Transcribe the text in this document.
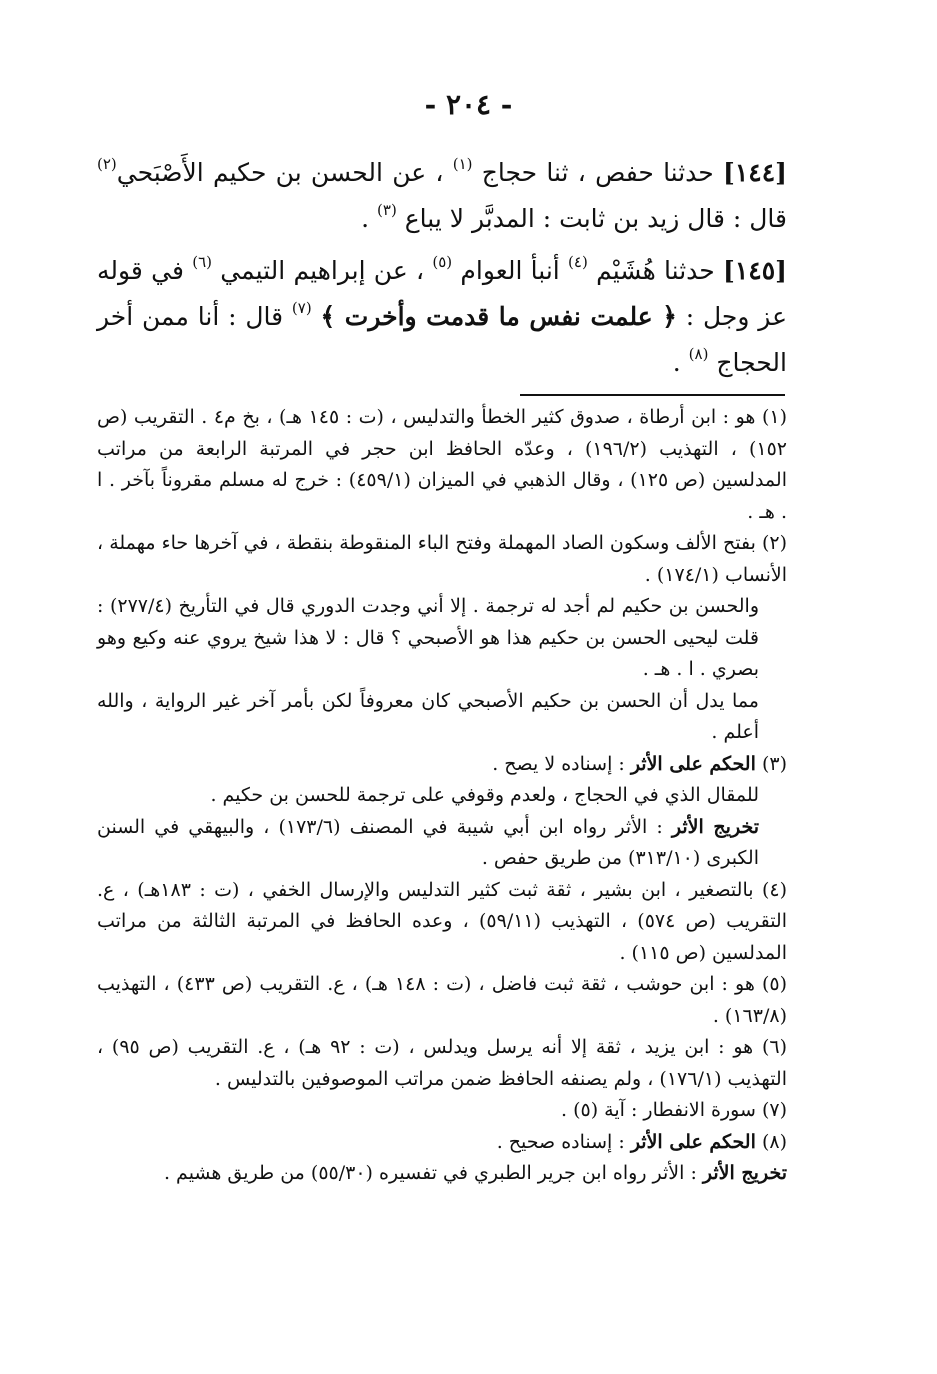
- ٢٠٤ -

[١٤٤] حدثنا حفص ، ثنا حجاج $^{(١)}$ ، عن الحسن بن حكيم الأَصْبَحي$^{(٢)}$ قال : قال زيد بن ثابت : المدبَّر لا يباع $^{(٣)}$ .

[١٤٥] حدثنا هُشَيْم $^{(٤)}$ أنبأ العوام $^{(٥)}$ ، عن إبراهيم التيمي $^{(٦)}$ في قوله عز وجل : ﴿ علمت نفس ما قدمت وأخرت ﴾ $^{(٧)}$ قال : أنا ممن أخر الحجاج $^{(٨)}$ .

(١) هو : ابن أرطاة ، صدوق كثير الخطأ والتدليس ، (ت : ١٤٥ هـ) ، بخ م٤ . التقريب (ص ١٥٢) ، التهذيب (١٩٦/٢) ، وعدّه الحافظ ابن حجر في المرتبة الرابعة من مراتب المدلسين (ص ١٢٥) ، وقال الذهبي في الميزان (٤٥٩/١) : خرج له مسلم مقروناً بآخر . ا . هـ .
(٢) بفتح الألف وسكون الصاد المهملة وفتح الباء المنقوطة بنقطة ، في آخرها حاء مهملة ، الأنساب (١٧٤/١) .
والحسن بن حكيم لم أجد له ترجمة . إلا أني وجدت الدوري قال في التأريخ (٢٧٧/٤) : قلت ليحيى الحسن بن حكيم هذا هو الأصبحي ؟ قال : لا هذا شيخ يروي عنه وكيع وهو بصري . ا . هـ .
مما يدل أن الحسن بن حكيم الأصبحي كان معروفاً لكن بأمر آخر غير الرواية ، والله أعلم .
(٣) الحكم على الأثر : إسناده لا يصح .
للمقال الذي في الحجاج ، ولعدم وقوفي على ترجمة للحسن بن حكيم .
تخريج الأثر : الأثر رواه ابن أبي شيبة في المصنف (١٧٣/٦) ، والبيهقي في السنن الكبرى (٣١٣/١٠) من طريق حفص .
(٤) بالتصغير ، ابن بشير ، ثقة ثبت كثير التدليس والإرسال الخفي ، (ت : ١٨٣هـ) ، ع. التقريب (ص ٥٧٤) ، التهذيب (٥٩/١١) ، وعده الحافظ في المرتبة الثالثة من مراتب المدلسين (ص ١١٥) .
(٥) هو : ابن حوشب ، ثقة ثبت فاضل ، (ت : ١٤٨ هـ) ، ع. التقريب (ص ٤٣٣) ، التهذيب (١٦٣/٨) .
(٦) هو : ابن يزيد ، ثقة إلا أنه يرسل ويدلس ، (ت : ٩٢ هـ) ، ع. التقريب (ص ٩٥) ، التهذيب (١٧٦/١) ، ولم يصنفه الحافظ ضمن مراتب الموصوفين بالتدليس .
(٧) سورة الانفطار : آية (٥) .
(٨) الحكم على الأثر : إسناده صحيح .
تخريج الأثر : الأثر رواه ابن جرير الطبري في تفسيره (٥٥/٣٠) من طريق هشيم .
